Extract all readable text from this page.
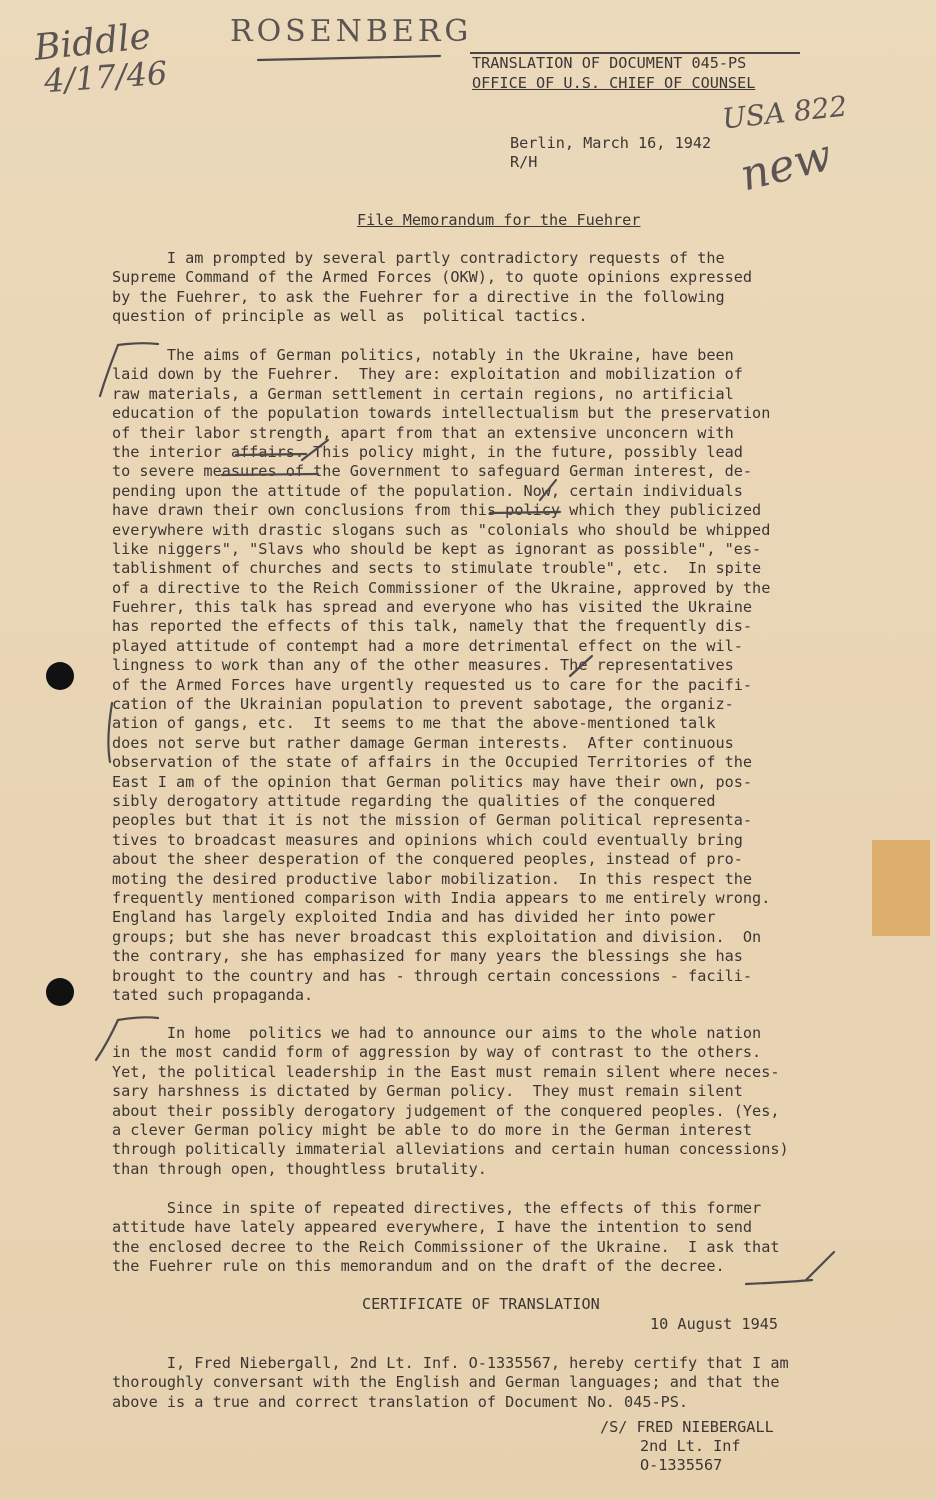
Biddle
4/17/46
ROSENBERG
USA 822
new
TRANSLATION OF DOCUMENT 045-PS
OFFICE OF U.S. CHIEF OF COUNSEL
Berlin, March 16, 1942
R/H
File Memorandum for the Fuehrer
I am prompted by several partly contradictory requests of the
Supreme Command of the Armed Forces (OKW), to quote opinions expressed
by the Fuehrer, to ask the Fuehrer for a directive in the following
question of principle as well as  political tactics.
The aims of German politics, notably in the Ukraine, have been
laid down by the Fuehrer.  They are: exploitation and mobilization of
raw materials, a German settlement in certain regions, no artificial
education of the population towards intellectualism but the preservation
of their labor strength, apart from that an extensive unconcern with
the interior affairs. This policy might, in the future, possibly lead
to severe measures of the Government to safeguard German interest, de-
pending upon the attitude of the population. Now, certain individuals
have drawn their own conclusions from this policy which they publicized
everywhere with drastic slogans such as "colonials who should be whipped
like niggers", "Slavs who should be kept as ignorant as possible", "es-
tablishment of churches and sects to stimulate trouble", etc.  In spite
of a directive to the Reich Commissioner of the Ukraine, approved by the
Fuehrer, this talk has spread and everyone who has visited the Ukraine
has reported the effects of this talk, namely that the frequently dis-
played attitude of contempt had a more detrimental effect on the wil-
lingness to work than any of the other measures. The representatives
of the Armed Forces have urgently requested us to care for the pacifi-
cation of the Ukrainian population to prevent sabotage, the organiz-
ation of gangs, etc.  It seems to me that the above-mentioned talk
does not serve but rather damage German interests.  After continuous
observation of the state of affairs in the Occupied Territories of the
East I am of the opinion that German politics may have their own, pos-
sibly derogatory attitude regarding the qualities of the conquered
peoples but that it is not the mission of German political representa-
tives to broadcast measures and opinions which could eventually bring
about the sheer desperation of the conquered peoples, instead of pro-
moting the desired productive labor mobilization.  In this respect the
frequently mentioned comparison with India appears to me entirely wrong.
England has largely exploited India and has divided her into power
groups; but she has never broadcast this exploitation and division.  On
the contrary, she has emphasized for many years the blessings she has
brought to the country and has - through certain concessions - facili-
tated such propaganda.
In home  politics we had to announce our aims to the whole nation
in the most candid form of aggression by way of contrast to the others.
Yet, the political leadership in the East must remain silent where neces-
sary harshness is dictated by German policy.  They must remain silent
about their possibly derogatory judgement of the conquered peoples. (Yes,
a clever German policy might be able to do more in the German interest
through politically immaterial alleviations and certain human concessions)
than through open, thoughtless brutality.
Since in spite of repeated directives, the effects of this former
attitude have lately appeared everywhere, I have the intention to send
the enclosed decree to the Reich Commissioner of the Ukraine.  I ask that
the Fuehrer rule on this memorandum and on the draft of the decree.
CERTIFICATE OF TRANSLATION
10 August 1945
I, Fred Niebergall, 2nd Lt. Inf. O-1335567, hereby certify that I am
thoroughly conversant with the English and German languages; and that the
above is a true and correct translation of Document No. 045-PS.
/S/ FRED NIEBERGALL
2nd Lt. Inf
O-1335567
